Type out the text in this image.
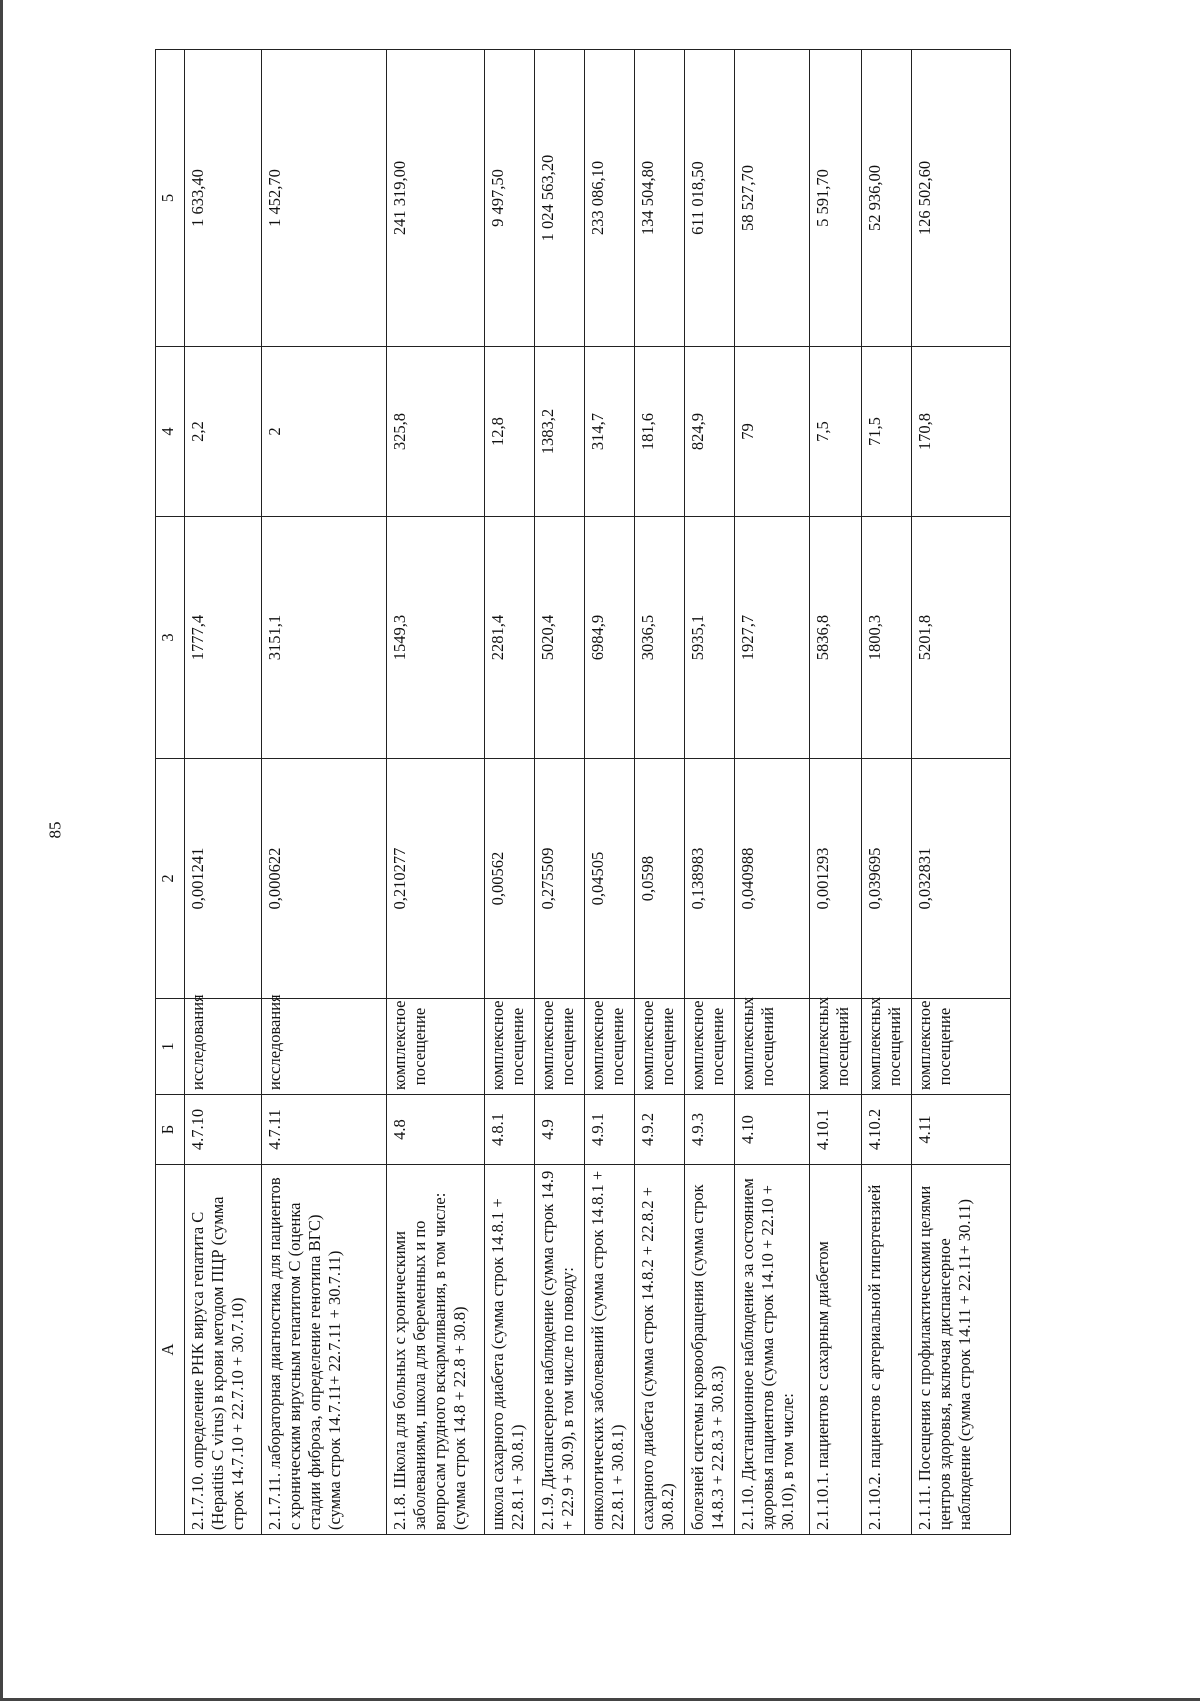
85
А	Б	1	2	3	4	5
2.1.7.10. определение РНК вируса гепатита С (Hepatitis C virus) в крови методом ПЦР (сумма строк 14.7.10 + 22.7.10 + 30.7.10)	4.7.10	исследования	0,001241	1777,4	2,2	1 633,40
2.1.7.11. лабораторная диагностика для пациентов с хроническим вирусным гепатитом С (оценка стадии фиброза, определение генотипа ВГС) (сумма строк 14.7.11+ 22.7.11 + 30.7.11)	4.7.11	исследования	0,000622	3151,1	2	1 452,70
2.1.8. Школа для больных с хроническими заболеваниями, школа для беременных и по вопросам грудного вскармливания, в том числе: (сумма строк 14.8 + 22.8 + 30.8)	4.8	комплексное посещение	0,210277	1549,3	325,8	241 319,00
школа сахарного диабета (сумма строк 14.8.1 + 22.8.1 + 30.8.1)	4.8.1	комплексное посещение	0,00562	2281,4	12,8	9 497,50
2.1.9. Диспансерное наблюдение (сумма строк 14.9 + 22.9 + 30.9), в том числе по поводу:	4.9	комплексное посещение	0,275509	5020,4	1383,2	1 024 563,20
онкологических заболеваний (сумма строк 14.8.1 + 22.8.1 + 30.8.1)	4.9.1	комплексное посещение	0,04505	6984,9	314,7	233 086,10
сахарного диабета (сумма строк 14.8.2 + 22.8.2 + 30.8.2)	4.9.2	комплексное посещение	0,0598	3036,5	181,6	134 504,80
болезней системы кровообращения (сумма строк 14.8.3 + 22.8.3 + 30.8.3)	4.9.3	комплексное посещение	0,138983	5935,1	824,9	611 018,50
2.1.10. Дистанционное наблюдение за состоянием здоровья пациентов (сумма строк 14.10 + 22.10 + 30.10), в том числе:	4.10	комплексных посещений	0,040988	1927,7	79	58 527,70
2.1.10.1. пациентов с сахарным диабетом	4.10.1	комплексных посещений	0,001293	5836,8	7,5	5 591,70
2.1.10.2. пациентов с артериальной гипертензией	4.10.2	комплексных посещений	0,039695	1800,3	71,5	52 936,00
2.1.11. Посещения с профилактическими целями центров здоровья, включая диспансерное наблюдение (сумма строк 14.11 + 22.11+ 30.11)	4.11	комплексное посещение	0,032831	5201,8	170,8	126 502,60
